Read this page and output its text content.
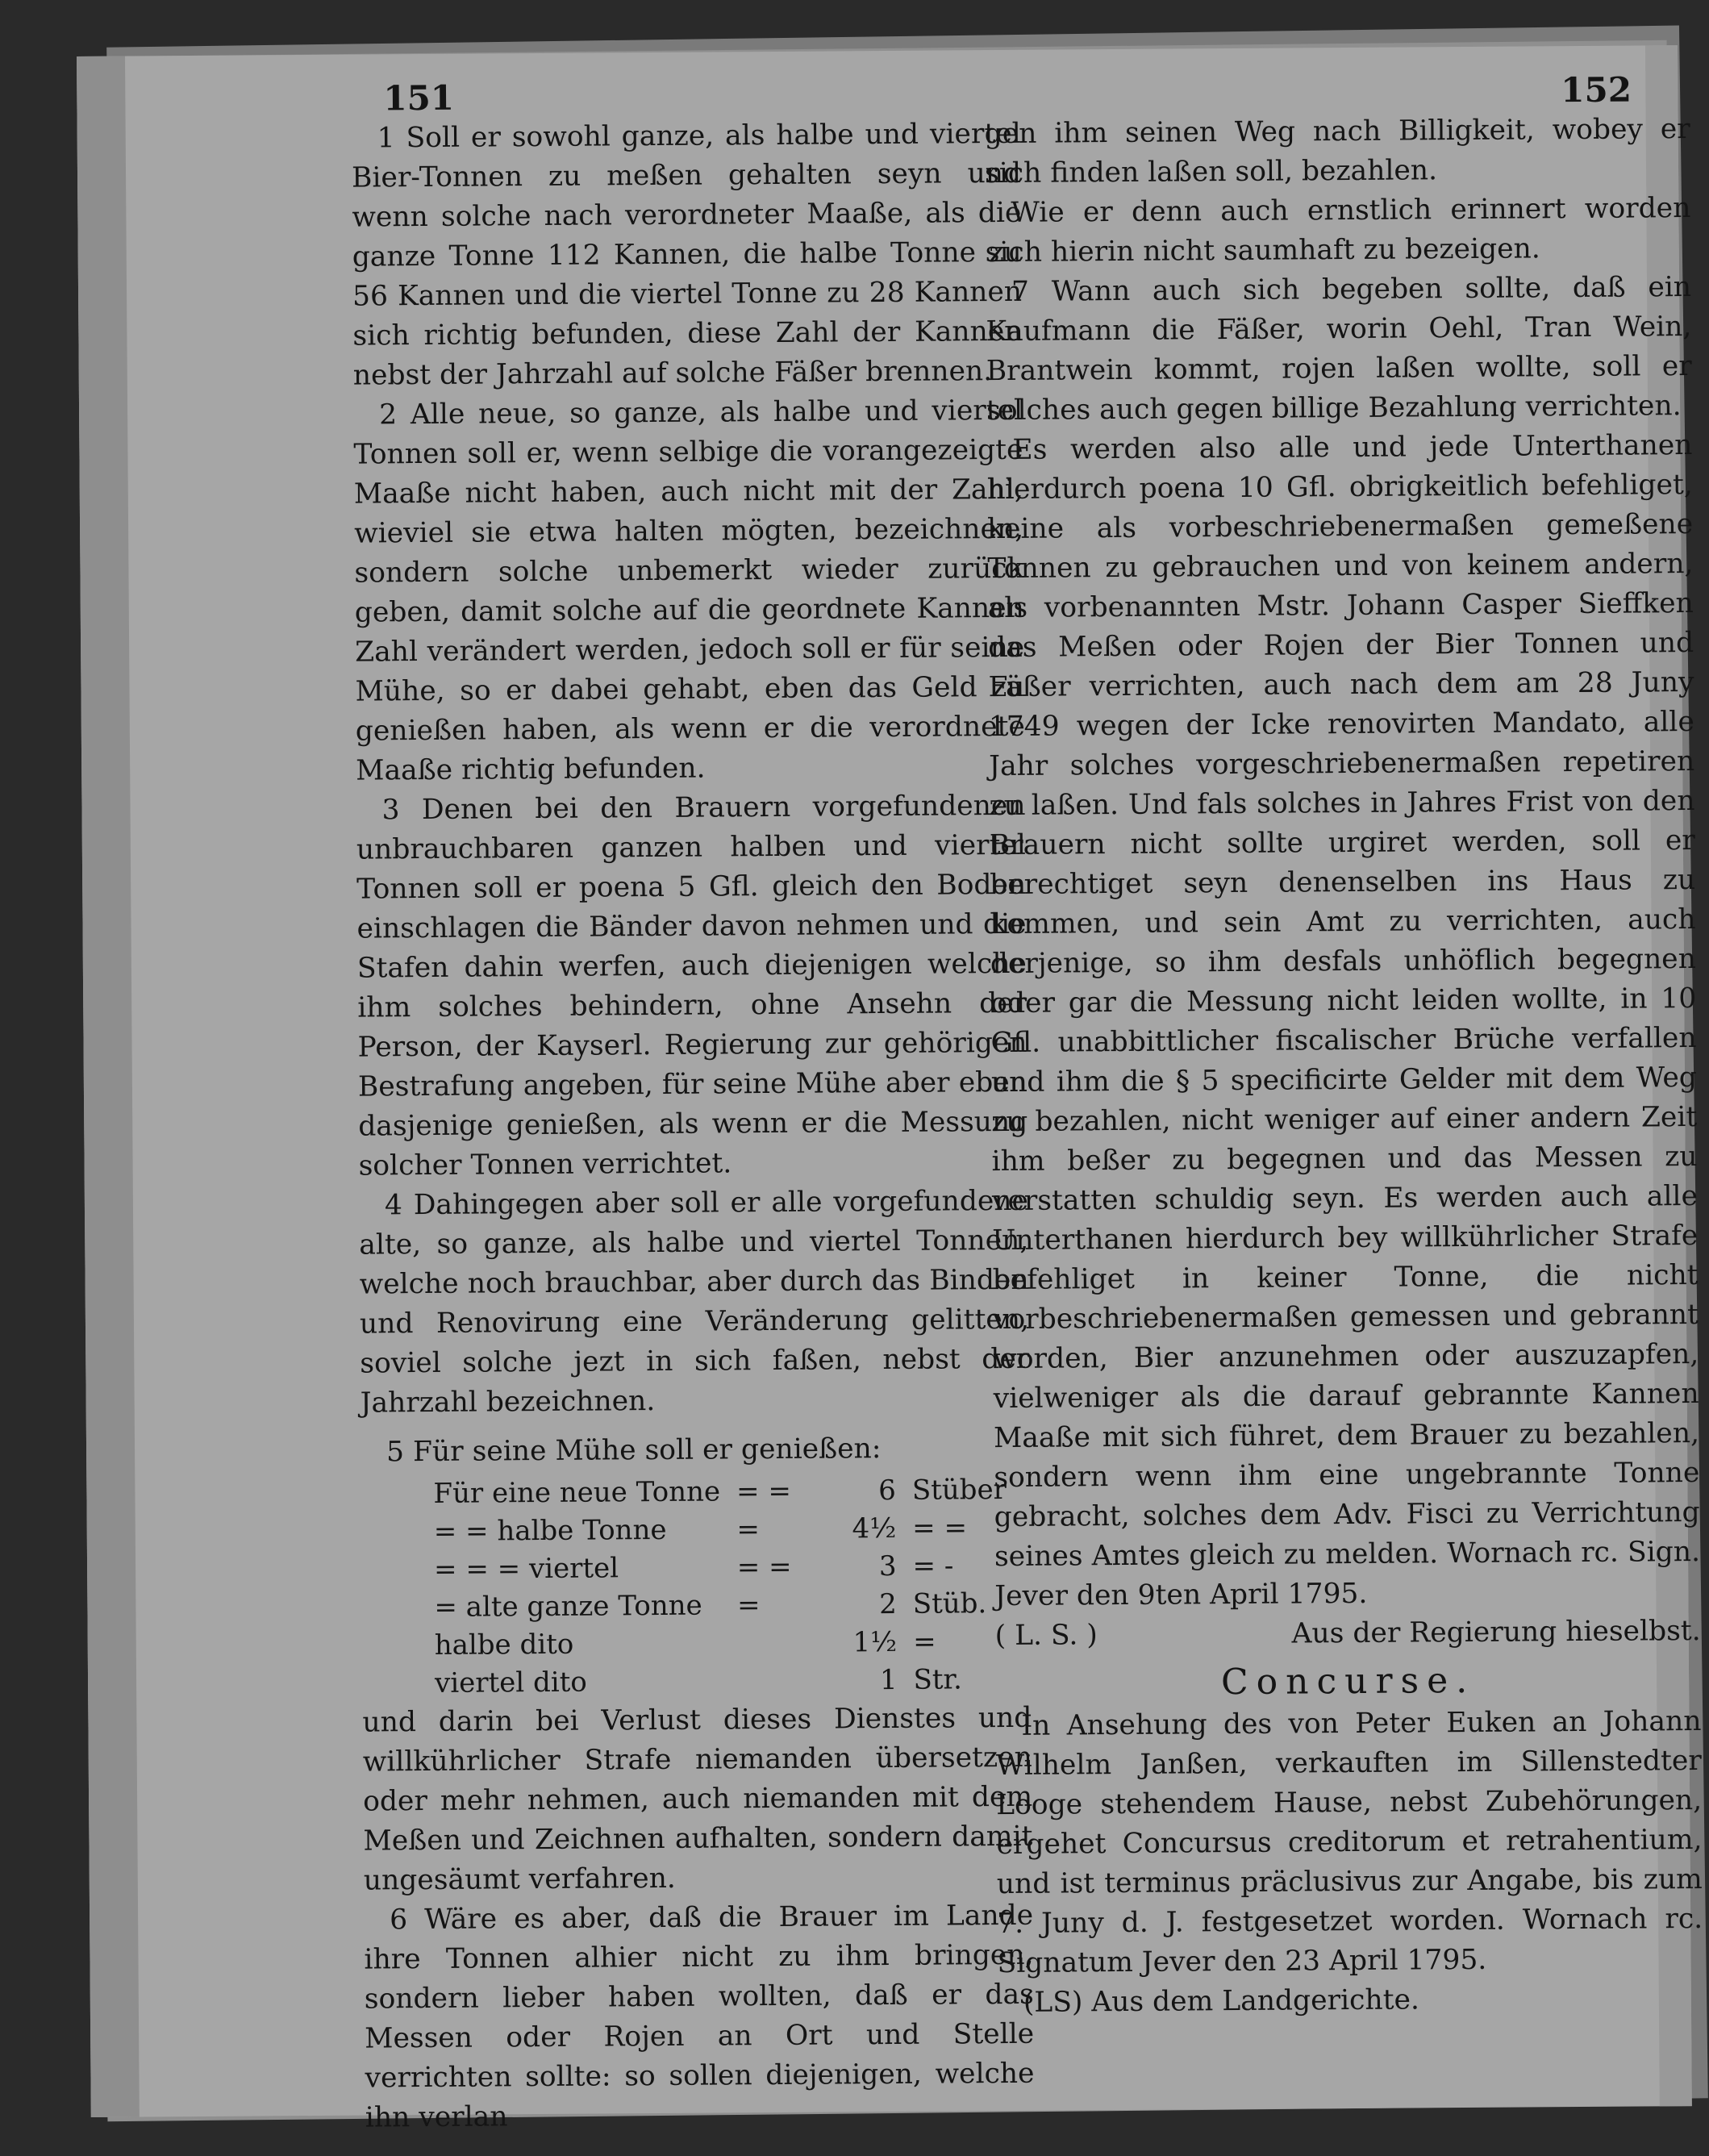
151	152

1 Soll er sowohl ganze, als halbe und viertel Bier-Tonnen zu meßen gehalten seyn und wenn solche nach verordneter Maaße, als die ganze Tonne 112 Kannen, die halbe Tonne zu 56 Kannen und die viertel Tonne zu 28 Kannen sich richtig befunden, diese Zahl der Kannen nebst der Jahrzahl auf solche Fäßer brennen.

2 Alle neue, so ganze, als halbe und viertel Tonnen soll er, wenn selbige die vorangezeigte Maaße nicht haben, auch nicht mit der Zahl, wieviel sie etwa halten mögten, bezeichnen, sondern solche unbemerkt wieder zurück geben, damit solche auf die geordnete Kannen Zahl verändert werden, jedoch soll er für seine Mühe, so er dabei gehabt, eben das Geld zu genießen haben, als wenn er die verordnete Maaße richtig befunden.

3 Denen bei den Brauern vorgefundenen unbrauchbaren ganzen halben und viertel Tonnen soll er poena 5 Gfl. gleich den Boden einschlagen die Bänder davon nehmen und die Stafen dahin werfen, auch diejenigen welche ihm solches behindern, ohne Ansehn der Person, der Kayserl. Regierung zur gehörigen Bestrafung angeben, für seine Mühe aber eben dasjenige genießen, als wenn er die Messung solcher Tonnen verrichtet.

4 Dahingegen aber soll er alle vorgefundene alte, so ganze, als halbe und viertel Tonnen, welche noch brauchbar, aber durch das Binden und Renovirung eine Veränderung gelitten, soviel solche jezt in sich faßen, nebst der Jahrzahl bezeichnen.

5 Für seine Mühe soll er genießen:

Für eine neue Tonne	= =	6	Stüber
= = halbe Tonne	=	4½	= =
= = = viertel	= =	3	= -
= alte ganze Tonne	=	2	Stüb.
halbe dito		1½	=
viertel dito		1	Str.

und darin bei Verlust dieses Dienstes und willkührlicher Strafe niemanden übersetzen oder mehr nehmen, auch niemanden mit dem Meßen und Zeichnen aufhalten, sondern damit ungesäumt verfahren.

6 Wäre es aber, daß die Brauer im Lande ihre Tonnen alhier nicht zu ihm bringen, sondern lieber haben wollten, daß er das Messen oder Rojen an Ort und Stelle verrichten sollte: so sollen diejenigen, welche ihn verlan

gen ihm seinen Weg nach Billigkeit, wobey er sich finden laßen soll, bezahlen.

Wie er denn auch ernstlich erinnert worden sich hierin nicht saumhaft zu bezeigen.

7 Wann auch sich begeben sollte, daß ein Kaufmann die Fäßer, worin Oehl, Tran Wein, Brantwein kommt, rojen laßen wollte, soll er solches auch gegen billige Bezahlung verrichten.

Es werden also alle und jede Unterthanen hierdurch poena 10 Gfl. obrigkeitlich befehliget, keine als vorbeschriebenermaßen gemeßene Tonnen zu gebrauchen und von keinem andern, als vorbenannten Mstr. Johann Casper Sieffken das Meßen oder Rojen der Bier Tonnen und Fäßer verrichten, auch nach dem am 28 Juny 1749 wegen der Icke renovirten Mandato, alle Jahr solches vorgeschriebenermaßen repetiren zu laßen. Und fals solches in Jahres Frist von den Brauern nicht sollte urgiret werden, soll er berechtiget seyn denenselben ins Haus zu kommen, und sein Amt zu verrichten, auch derjenige, so ihm desfals unhöflich begegnen oder gar die Messung nicht leiden wollte, in 10 Gfl. unabbittlicher fiscalischer Brüche verfallen und ihm die § 5 specificirte Gelder mit dem Weg zu bezahlen, nicht weniger auf einer andern Zeit ihm beßer zu begegnen und das Messen zu verstatten schuldig seyn. Es werden auch alle Unterthanen hierdurch bey willkührlicher Strafe befehliget in keiner Tonne, die nicht vorbeschriebenermaßen gemessen und gebrannt worden, Bier anzunehmen oder auszuzapfen, vielweniger als die darauf gebrannte Kannen Maaße mit sich führet, dem Brauer zu bezahlen, sondern wenn ihm eine ungebrannte Tonne gebracht, solches dem Adv. Fisci zu Verrichtung seines Amtes gleich zu melden. Wornach rc. Sign. Jever den 9ten April 1795.

( L. S. )	Aus der Regierung hieselbst.
Concurse.

In Ansehung des von Peter Euken an Johann Wilhelm Janßen, verkauften im Sillenstedter Looge stehendem Hause, nebst Zubehörungen, ergehet Concursus creditorum et retrahentium, und ist terminus präclusivus zur Angabe, bis zum 7. Juny d. J. festgesetzet worden. Wornach rc. Signatum Jever den 23 April 1795.

(LS) Aus dem Landgerichte.
